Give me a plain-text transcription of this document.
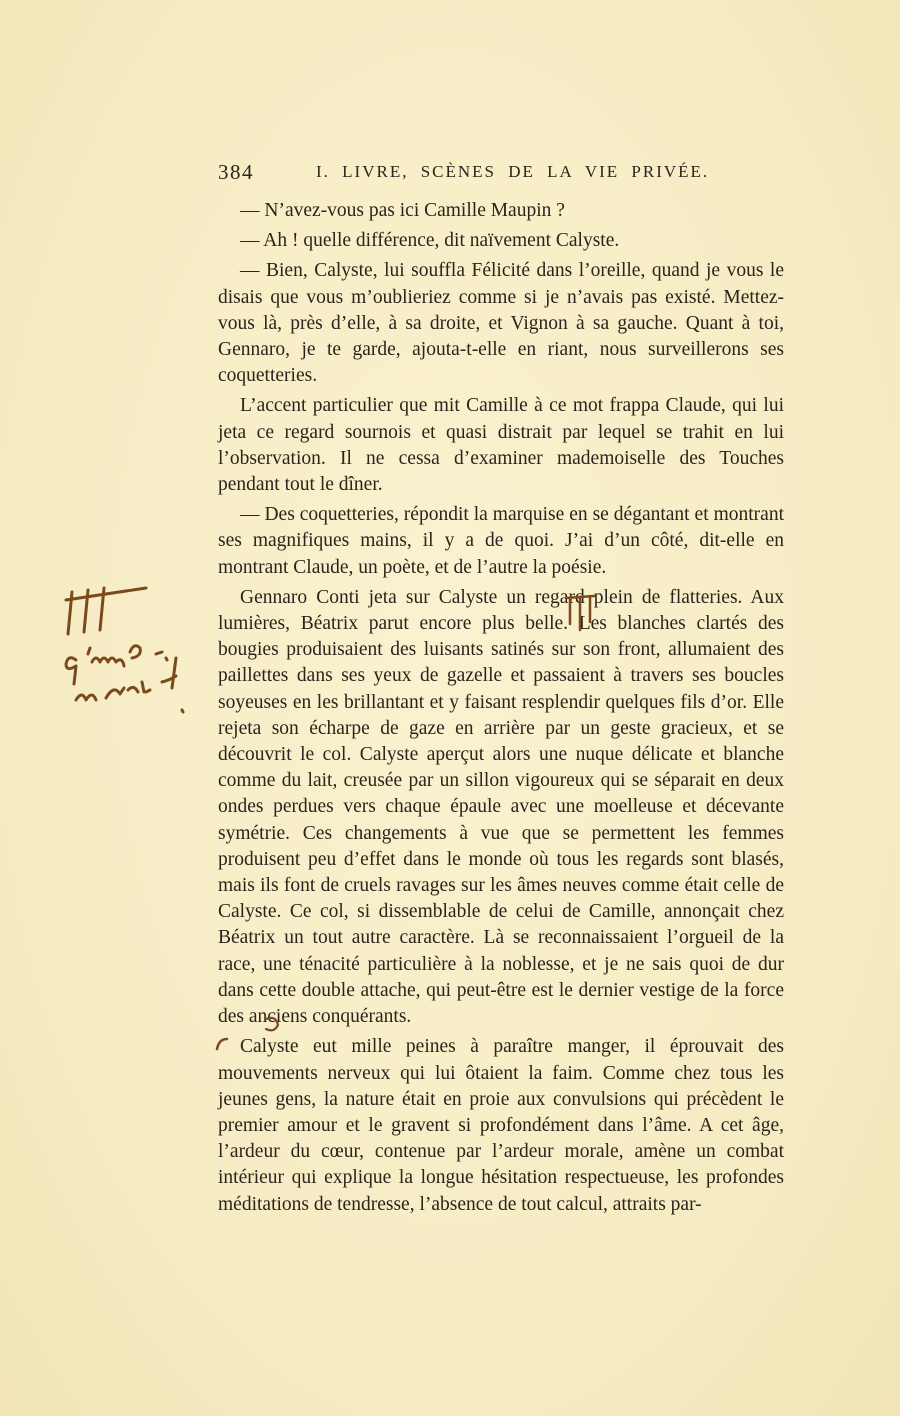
384	I. LIVRE, SCÈNES DE LA VIE PRIVÉE.

— N’avez-vous pas ici Camille Maupin ?

— Ah ! quelle différence, dit naïvement Calyste.

— Bien, Calyste, lui souffla Félicité dans l’oreille, quand je vous le disais que vous m’oublieriez comme si je n’avais pas existé. Mettez-vous là, près d’elle, à sa droite, et Vignon à sa gauche. Quant à toi, Gennaro, je te garde, ajouta-t-elle en riant, nous surveillerons ses coquetteries.

L’accent particulier que mit Camille à ce mot frappa Claude, qui lui jeta ce regard sournois et quasi distrait par lequel se trahit en lui l’observation. Il ne cessa d’examiner mademoiselle des Touches pendant tout le dîner.

— Des coquetteries, répondit la marquise en se dégantant et montrant ses magnifiques mains, il y a de quoi. J’ai d’un côté, dit-elle en montrant Claude, un poète, et de l’autre la poésie.

Gennaro Conti jeta sur Calyste un regard plein de flatteries. Aux lumières, Béatrix parut encore plus belle. Les blanches clartés des bougies produisaient des luisants satinés sur son front, allumaient des paillettes dans ses yeux de gazelle et passaient à travers ses boucles soyeuses en les brillantant et y faisant resplendir quelques fils d’or. Elle rejeta son écharpe de gaze en arrière par un geste gracieux, et se découvrit le col. Calyste aperçut alors une nuque délicate et blanche comme du lait, creusée par un sillon vigoureux qui se séparait en deux ondes perdues vers chaque épaule avec une moelleuse et décevante symétrie. Ces changements à vue que se permettent les femmes produisent peu d’effet dans le monde où tous les regards sont blasés, mais ils font de cruels ravages sur les âmes neuves comme était celle de Calyste. Ce col, si dissemblable de celui de Camille, annonçait chez Béatrix un tout autre caractère. Là se reconnaissaient l’orgueil de la race, une ténacité particulière à la noblesse, et je ne sais quoi de dur dans cette double attache, qui peut-être est le dernier vestige de la force des anciens conquérants.

Calyste eut mille peines à paraître manger, il éprouvait des mouvements nerveux qui lui ôtaient la faim. Comme chez tous les jeunes gens, la nature était en proie aux convulsions qui précèdent le premier amour et le gravent si profondément dans l’âme. A cet âge, l’ardeur du cœur, contenue par l’ardeur morale, amène un combat intérieur qui explique la longue hésitation respectueuse, les profondes méditations de tendresse, l’absence de tout calcul, attraits par-
